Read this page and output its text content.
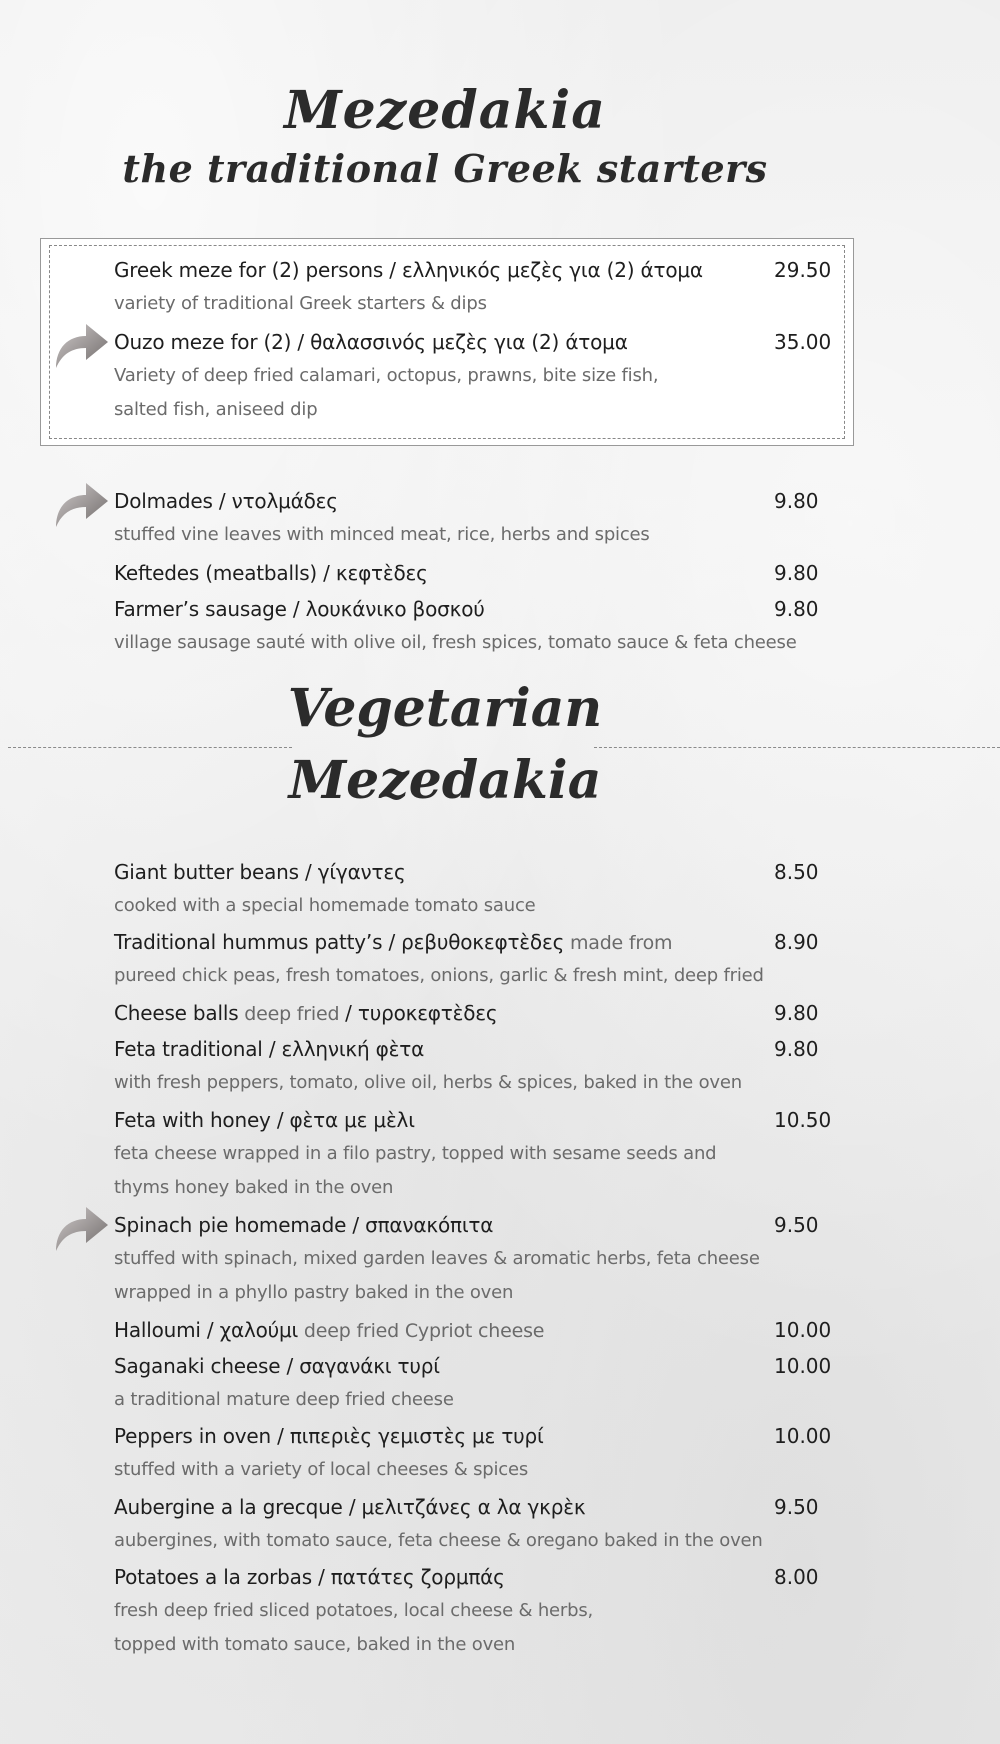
Mezedakia
the traditional Greek starters
Greek meze for (2) persons / ελληνικός μεζὲς για (2) άτομα	29.50
variety of traditional Greek starters & dips
Ouzo meze for (2) / θαλασσινός μεζὲς για (2) άτομα	35.00
Variety of deep fried calamari, octopus, prawns, bite size fish,
salted fish, aniseed dip
Dolmades / ντολμάδες	9.80
stuffed vine leaves with minced meat, rice, herbs and spices
Keftedes (meatballs) / κεφτὲδες	9.80
Farmer’s sausage / λουκάνικο βοσκού	9.80
village sausage sauté with olive oil, fresh spices, tomato sauce & feta cheese
Vegetarian
Mezedakia
Giant butter beans / γίγαντες	8.50
cooked with a special homemade tomato sauce
Traditional hummus patty’s / ρεβυθοκεφτὲδες made from	8.90
pureed chick peas, fresh tomatoes, onions, garlic & fresh mint, deep fried
Cheese balls deep fried / τυροκεφτὲδες	9.80
Feta traditional / ελληνική φὲτα	9.80
with fresh peppers, tomato, olive oil, herbs & spices, baked in the oven
Feta with honey / φὲτα με μὲλι	10.50
feta cheese wrapped in a filo pastry, topped with sesame seeds and
thyms honey baked in the oven
Spinach pie homemade / σπανακόπιτα	9.50
stuffed with spinach, mixed garden leaves & aromatic herbs, feta cheese
wrapped in a phyllo pastry baked in the oven
Halloumi / χαλούμι deep fried Cypriot cheese	10.00
Saganaki cheese / σαγανάκι τυρί	10.00
a traditional mature deep fried cheese
Peppers in oven / πιπεριὲς γεμιστὲς με τυρί	10.00
stuffed with a variety of local cheeses & spices
Aubergine a la grecque / μελιτζάνες α λα γκρὲκ	9.50
aubergines, with tomato sauce, feta cheese & oregano baked in the oven
Potatoes a la zorbas / πατάτες ζορμπάς	8.00
fresh deep fried sliced potatoes, local cheese & herbs,
topped with tomato sauce, baked in the oven
